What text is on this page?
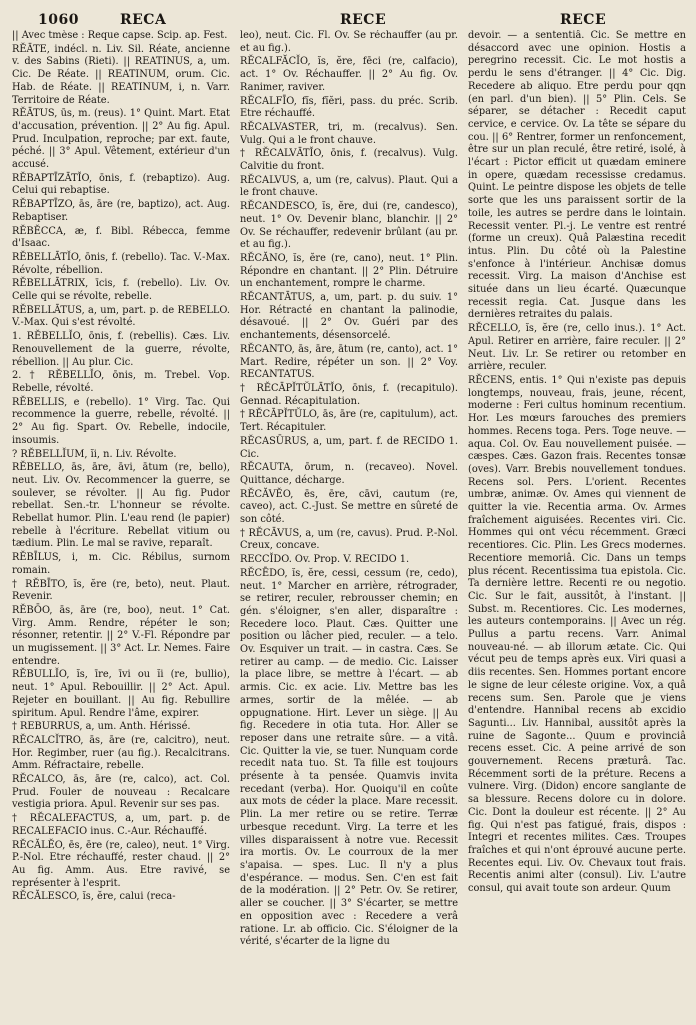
1060	RECA	RECE	RECE

|| Avec tmèse : Reque capse. Scip. ap. Fest.

RĔĀTE, indécl. n. Liv. Sil. Réate, ancienne v. des Sabins (Rieti). || REATINUS, a, um. Cic. De Réate. || REATINUM, orum. Cic. Hab. de Réate. || REATINUM, i, n. Varr. Territoire de Réate.

RĔĀTUS, ūs, m. (reus). 1° Quint. Mart. Etat d'accusation, prévention. || 2° Au fig. Apul. Prud. Inculpation, reproche; par ext. faute, péché. || 3° Apul. Vêtement, extérieur d'un accusé.

RĔBAPTĪZĀTĬO, ōnis, f. (rebaptizo). Aug. Celui qui rebaptise.

RĔBAPTĪZO, ās, āre (re, baptizo), act. Aug. Rebaptiser.

RĔBĔCCA, æ, f. Bibl. Rébecca, femme d'Isaac.

RĔBELLĀTĬO, ōnis, f. (rebello). Tac. V.-Max. Révolte, rébellion.

RĔBELLĀTRIX, īcis, f. (rebello). Liv. Ov. Celle qui se révolte, rebelle.

RĔBELLĀTUS, a, um, part. p. de REBELLO. V.-Max. Qui s'est révolté.

1. RĔBELLĬO, ōnis, f. (rebellis). Cæs. Liv. Renouvellement de la guerre, révolte, rébellion. || Au plur. Cic.

2. † RĔBELLĬO, ōnis, m. Trebel. Vop. Rebelle, révolté.

RĔBELLIS, e (rebello). 1° Virg. Tac. Qui recommence la guerre, rebelle, révolté. || 2° Au fig. Spart. Ov. Rebelle, indocile, insoumis.

? RĔBELLĬUM, ĭi, n. Liv. Révolte.

RĔBELLO, ās, āre, āvi, ātum (re, bello), neut. Liv. Ov. Recommencer la guerre, se soulever, se révolter. || Au fig. Pudor rebellat. Sen.-tr. L'honneur se révolte. Rebellat humor. Plin. L'eau rend (le papier) rebelle à l'écriture. Rebellat vitium ou tædium. Plin. Le mal se ravive, reparaît.

RĔBĪLUS, i, m. Cic. Rébilus, surnom romain.

† RĔBĪTO, ĭs, ĕre (re, beto), neut. Plaut. Revenir.

RĔBŌO, ās, āre (re, boo), neut. 1° Cat. Virg. Amm. Rendre, répéter le son; résonner, retentir. || 2° V.-Fl. Répondre par un mugissement. || 3° Act. Lr. Nemes. Faire entendre.

RĔBULLĬO, ĭs, īre, īvi ou ĭi (re, bullio), neut. 1° Apul. Rebouillir. || 2° Act. Apul. Rejeter en bouillant. || Au fig. Rebullire spiritum. Apul. Rendre l'âme, expirer.

† REBURRUS, a, um. Anth. Hérissé.

RĔCALCĬTRO, ās, āre (re, calcitro), neut. Hor. Regimber, ruer (au fig.). Recalcitrans. Amm. Réfractaire, rebelle.

RĔCALCO, ās, āre (re, calco), act. Col. Prud. Fouler de nouveau : Recalcare vestigia priora. Apul. Revenir sur ses pas.

† RĔCALEFACTUS, a, um, part. p. de RECALEFACIO inus. C.-Aur. Réchauffé.

RĔCĂLĔO, ēs, ēre (re, caleo), neut. 1° Virg. P.-Nol. Etre réchauffé, rester chaud. || 2° Au fig. Amm. Aus. Etre ravivé, se représenter à l'esprit.

RĔCĂLESCO, ĭs, ĕre, calui (reca-

leo), neut. Cic. Fl. Ov. Se réchauffer (au pr. et au fig.).

RĔCALFĂCĬO, ĭs, ĕre, fēci (re, calfacio), act. 1° Ov. Réchauffer. || 2° Au fig. Ov. Ranimer, raviver.

RĔCALFĪO, fĭs, fĭĕri, pass. du préc. Scrib. Etre réchauffé.

RĔCALVASTER, tri, m. (recalvus). Sen. Vulg. Qui a le front chauve.

† RĔCALVĀTĬO, ōnis, f. (recalvus). Vulg. Calvitie du front.

RĔCALVUS, a, um (re, calvus). Plaut. Qui a le front chauve.

RĔCANDESCO, ĭs, ĕre, dui (re, candesco), neut. 1° Ov. Devenir blanc, blanchir. || 2° Ov. Se réchauffer, redevenir brûlant (au pr. et au fig.).

RĔCĂNO, ĭs, ĕre (re, cano), neut. 1° Plin. Répondre en chantant. || 2° Plin. Détruire un enchantement, rompre le charme.

RĔCANTĀTUS, a, um, part. p. du suiv. 1° Hor. Rétracté en chantant la palinodie, désavoué. || 2° Ov. Guéri par des enchantements, désensorcelé.

RĔCANTO, ās, āre, ātum (re, canto), act. 1° Mart. Redire, répéter un son. || 2° Voy. RECANTATUS.

† RĔCĀPĬTŬLĀTĬO, ōnis, f. (recapitulo). Gennad. Récapitulation.

† RĔCĀPĬTŬLO, ās, āre (re, capitulum), act. Tert. Récapituler.

RĔCASŪRUS, a, um, part. f. de RECIDO 1. Cic.

RĔCAUTA, ōrum, n. (recaveo). Novel. Quittance, décharge.

RĔCĂVĔO, ēs, ēre, cāvi, cautum (re, caveo), act. C.-Just. Se mettre en sûreté de son côté.

† RĔCĀVUS, a, um (re, cavus). Prud. P.-Nol. Creux, concave.

RECCĬDO. Ov. Prop. V. RECIDO 1.

RĔCĒDO, ĭs, ĕre, cessi, cessum (re, cedo), neut. 1° Marcher en arrière, rétrograder, se retirer, reculer, rebrousser chemin; en gén. s'éloigner, s'en aller, disparaître : Recedere loco. Plaut. Cæs. Quitter une position ou lâcher pied, reculer. — a telo. Ov. Esquiver un trait. — in castra. Cæs. Se retirer au camp. — de medio. Cic. Laisser la place libre, se mettre à l'écart. — ab armis. Cic. ex acie. Liv. Mettre bas les armes, sortir de la mêlée. — ab oppugnatione. Hirt. Lever un siège. || Au fig. Recedere in otia tuta. Hor. Aller se reposer dans une retraite sûre. — a vitâ. Cic. Quitter la vie, se tuer. Nunquam corde recedit nata tuo. St. Ta fille est toujours présente à ta pensée. Quamvis invita recedant (verba). Hor. Quoiqu'il en coûte aux mots de céder la place. Mare recessit. Plin. La mer retire ou se retire. Terræ urbesque recedunt. Virg. La terre et les villes disparaissent à notre vue. Recessit ira mortis. Ov. Le courroux de la mer s'apaisa. — spes. Luc. Il n'y a plus d'espérance. — modus. Sen. C'en est fait de la modération. || 2° Petr. Ov. Se retirer, aller se coucher. || 3° S'écarter, se mettre en opposition avec : Recedere a verâ ratione. Lr. ab officio. Cic. S'éloigner de la vérité, s'écarter de la ligne du

devoir. — a sententiâ. Cic. Se mettre en désaccord avec une opinion. Hostis a peregrino recessit. Cic. Le mot hostis a perdu le sens d'étranger. || 4° Cic. Dig. Recedere ab aliquo. Etre perdu pour qqn (en parl. d'un bien). || 5° Plin. Cels. Se séparer, se détacher : Recedit caput cervice, e cervice. Ov. La tête se sépare du cou. || 6° Rentrer, former un renfoncement, être sur un plan reculé, être retiré, isolé, à l'écart : Pictor efficit ut quædam eminere in opere, quædam recessisse credamus. Quint. Le peintre dispose les objets de telle sorte que les uns paraissent sortir de la toile, les autres se perdre dans le lointain. Recessit venter. Pl.-j. Le ventre est rentré (forme un creux). Quâ Palæstina recedit intus. Plin. Du côté où la Palestine s'enfonce à l'intérieur. Anchisæ domus recessit. Virg. La maison d'Anchise est située dans un lieu écarté. Quæcunque recessit regia. Cat. Jusque dans les dernières retraites du palais.

RĔCELLO, ĭs, ĕre (re, cello inus.). 1° Act. Apul. Retirer en arrière, faire reculer. || 2° Neut. Liv. Lr. Se retirer ou retomber en arrière, reculer.

RĔCENS, entis. 1° Qui n'existe pas depuis longtemps, nouveau, frais, jeune, récent, moderne : Feri cultus hominum recentium. Hor. Les mœurs farouches des premiers hommes. Recens toga. Pers. Toge neuve. — aqua. Col. Ov. Eau nouvellement puisée. — cæspes. Cæs. Gazon frais. Recentes tonsæ (oves). Varr. Brebis nouvellement tondues. Recens sol. Pers. L'orient. Recentes umbræ, animæ. Ov. Ames qui viennent de quitter la vie. Recentia arma. Ov. Armes fraîchement aiguisées. Recentes viri. Cic. Hommes qui ont vécu récemment. Græci recentiores. Cic. Plin. Les Grecs modernes. Recentiore memoriâ. Cic. Dans un temps plus récent. Recentissima tua epistola. Cic. Ta dernière lettre. Recenti re ou negotio. Cic. Sur le fait, aussitôt, à l'instant. || Subst. m. Recentiores. Cic. Les modernes, les auteurs contemporains. || Avec un rég. Pullus a partu recens. Varr. Animal nouveau-né. — ab illorum ætate. Cic. Qui vécut peu de temps après eux. Viri quasi a diis recentes. Sen. Hommes portant encore le signe de leur céleste origine. Vox, a quâ recens sum. Sen. Parole que je viens d'entendre. Hannibal recens ab excidio Sagunti... Liv. Hannibal, aussitôt après la ruine de Sagonte... Quum e provinciâ recens esset. Cic. A peine arrivé de son gouvernement. Recens præturâ. Tac. Récemment sorti de la préture. Recens a vulnere. Virg. (Didon) encore sanglante de sa blessure. Recens dolore cu in dolore. Cic. Dont la douleur est récente. || 2° Au fig. Qui n'est pas fatigué, frais, dispos : Integri et recentes milites. Cæs. Troupes fraîches et qui n'ont éprouvé aucune perte. Recentes equi. Liv. Ov. Chevaux tout frais. Recentis animi alter (consul). Liv. L'autre consul, qui avait toute son ardeur. Quum
